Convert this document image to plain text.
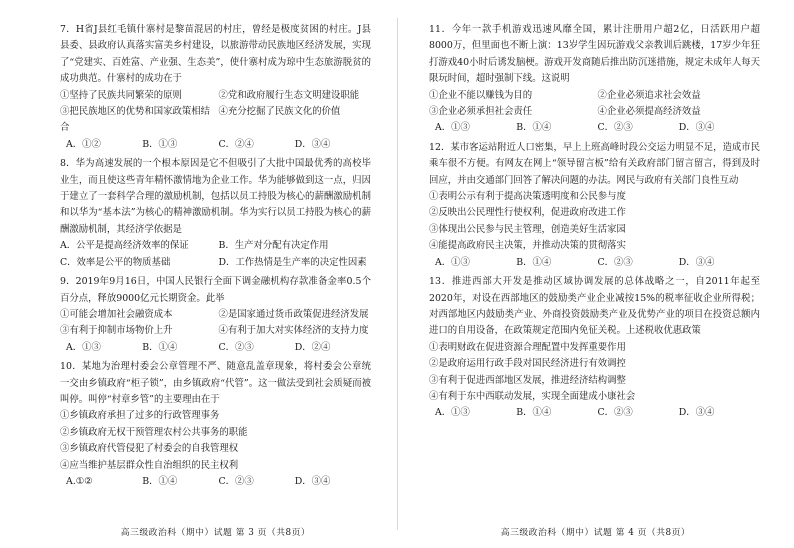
7．H省J县红毛镇什寨村是黎苗混居的村庄，曾经是极度贫困的村庄。J县县委、县政府认真落实富美乡村建设，以旅游带动民族地区经济发展，实现了“党建实、百姓富、产业强、生态美”，使什寨村成为琼中生态旅游脱贫的成功典范。什寨村的成功在于

①坚持了民族共同繁荣的原则	②党和政府履行生态文明建设职能
③把民族地区的优势和国家政策相结合
④充分挖掘了民族文化的价值
A．①②	B．①③	C．②④	D．③④

8．华为高速发展的一个根本原因是它不但吸引了大批中国最优秀的高校毕业生，而且使这些青年精怀激情地为企业工作。华为能够做到这一点，归因于建立了一套科学合理的激励机制，包括以员工持股为核心的薪酬激励机制和以华为“基本法”为核心的精神激励机制。华为实行以员工持股为核心的薪酬激励机制，其经济学依据是

A．公平是提高经济效率的保证	B．生产对分配有决定作用
C．效率是公平的物质基础	D．工作热情是生产率的决定性因素

9．2019年9月16日，中国人民银行全面下调金融机构存款准备金率0.5个百分点，释放9000亿元长期资金。此举

①可能会增加社会融资成本	②是国家通过货币政策促进经济发展
③有利于抑制市场物价上升	④有利于加大对实体经济的支持力度
A．①③	B．①④	C．②③	D．②④

10．某地为治理村委会公章管理不严、随意乱盖章现象，将村委会公章统一交由乡镇政府“柜子锁”，由乡镇政府“代管”。这一做法受到社会质疑而被叫停。叫停“村章乡管”的主要理由在于

①乡镇政府承担了过多的行政管理事务
②乡镇政府无权干预管理农村公共事务的职能
③乡镇政府代管侵犯了村委会的自我管理权
④应当维护基层群众性自治组织的民主权利
A.①②	B．①④	C．②③	D．③④
高三级政治科（期中）试题 第 3 页（共8页）

11．今年一款手机游戏迅速风靡全国，累计注册用户超2亿，日活跃用户超8000万，但里面也不断上演：13岁学生因玩游戏父亲教训后跳楼，17岁少年狂打游戏40小时后诱发脑梗。游戏开发商随后推出防沉迷措施，规定未成年人每天限玩时间，超时强制下线。这说明

①企业不能以赚钱为目的	②企业必须追求社会效益
③企业必须承担社会责任	④企业必须提高经济效益
A．①③	B．①④	C．②③	D．③④

12．某市客运站附近人口密集，早上上班高峰时段公交运力明显不足，造成市民乘车很不方便。有网友在网上“领导留言板”给有关政府部门留言留言，得到及时回应，并由交通部门回答了解决问题的办法。网民与政府有关部门良性互动

①表明公示有利于提高决策透明度和公民参与度
②反映出公民理性行使权利，促进政府改进工作
③体现出公民参与民主管理，创造美好生活家园
④能提高政府民主决策，并推动决策的贯彻落实
A．①③	B．①④	C．②③	D．③④

13．推进西部大开发是推动区域协调发展的总体战略之一，自2011年起至2020年，对设在西部地区的鼓励类产业企业减按15%的税率征收企业所得税；对西部地区内鼓励类产业、外商投资鼓励类产业及优势产业的项目在投资总额内进口的自用设备，在政策规定范围内免征关税。上述税收优惠政策

①表明财政在促进资源合理配置中发挥重要作用
②是政府运用行政手段对国民经济进行有效调控
③有利于促进西部地区发展，推进经济结构调整
④有利于东中西联动发展，实现全面建成小康社会
A．①③	B．①④	C．②③	D．③④
高三级政治科（期中）试题 第 4 页（共8页）
